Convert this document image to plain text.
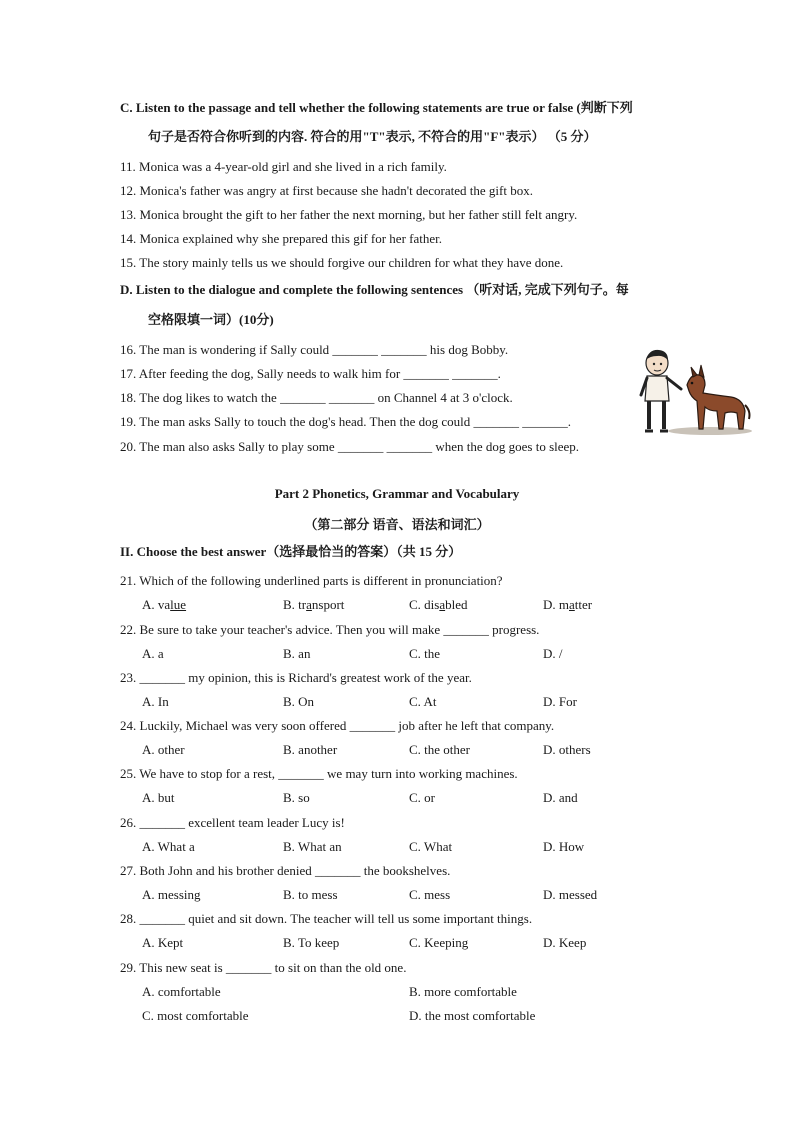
C. Listen to the passage and tell whether the following statements are true or false (判断下列
句子是否符合你听到的内容. 符合的用"T"表示, 不符合的用"F"表示） （5 分）
11. Monica was a 4-year-old girl and she lived in a rich family.
12. Monica's father was angry at first because she hadn't decorated the gift box.
13. Monica brought the gift to her father the next morning, but her father still felt angry.
14. Monica explained why she prepared this gif for her father.
15. The story mainly tells us we should forgive our children for what they have done.
D. Listen to the dialogue and complete the following sentences （听对话, 完成下列句子。每
空格限填一词）(10分)
16. The man is wondering if Sally could _______ _______ his dog Bobby.
17. After feeding the dog, Sally needs to walk him for _______ _______.
18. The dog likes to watch the _______ _______ on Channel 4 at 3 o'clock.
19. The man asks Sally to touch the dog's head. Then the dog could _______ _______.
20. The man also asks Sally to play some _______ _______ when the dog goes to sleep.
Part 2 Phonetics, Grammar and Vocabulary
（第二部分 语音、语法和词汇）
II. Choose the best answer（选择最恰当的答案）（共 15 分）
21. Which of the following underlined parts is different in pronunciation?
A. value	B. transport	C. disabled	D. matter
22. Be sure to take your teacher's advice. Then you will make _______ progress.
A. a	B. an	C. the	D. /
23. _______ my opinion, this is Richard's greatest work of the year.
A. In	B. On	C. At	D. For
24. Luckily, Michael was very soon offered _______ job after he left that company.
A. other	B. another	C. the other	D. others
25. We have to stop for a rest, _______ we may turn into working machines.
A. but	B. so	C. or	D. and
26. _______ excellent team leader Lucy is!
A. What a	B. What an	C. What	D. How
27. Both John and his brother denied _______ the bookshelves.
A. messing	B. to mess	C. mess	D. messed
28. _______ quiet and sit down. The teacher will tell us some important things.
A. Kept	B. To keep	C. Keeping	D. Keep
29. This new seat is _______ to sit on than the old one.
A. comfortable	B. more comfortable
C. most comfortable	D. the most comfortable
